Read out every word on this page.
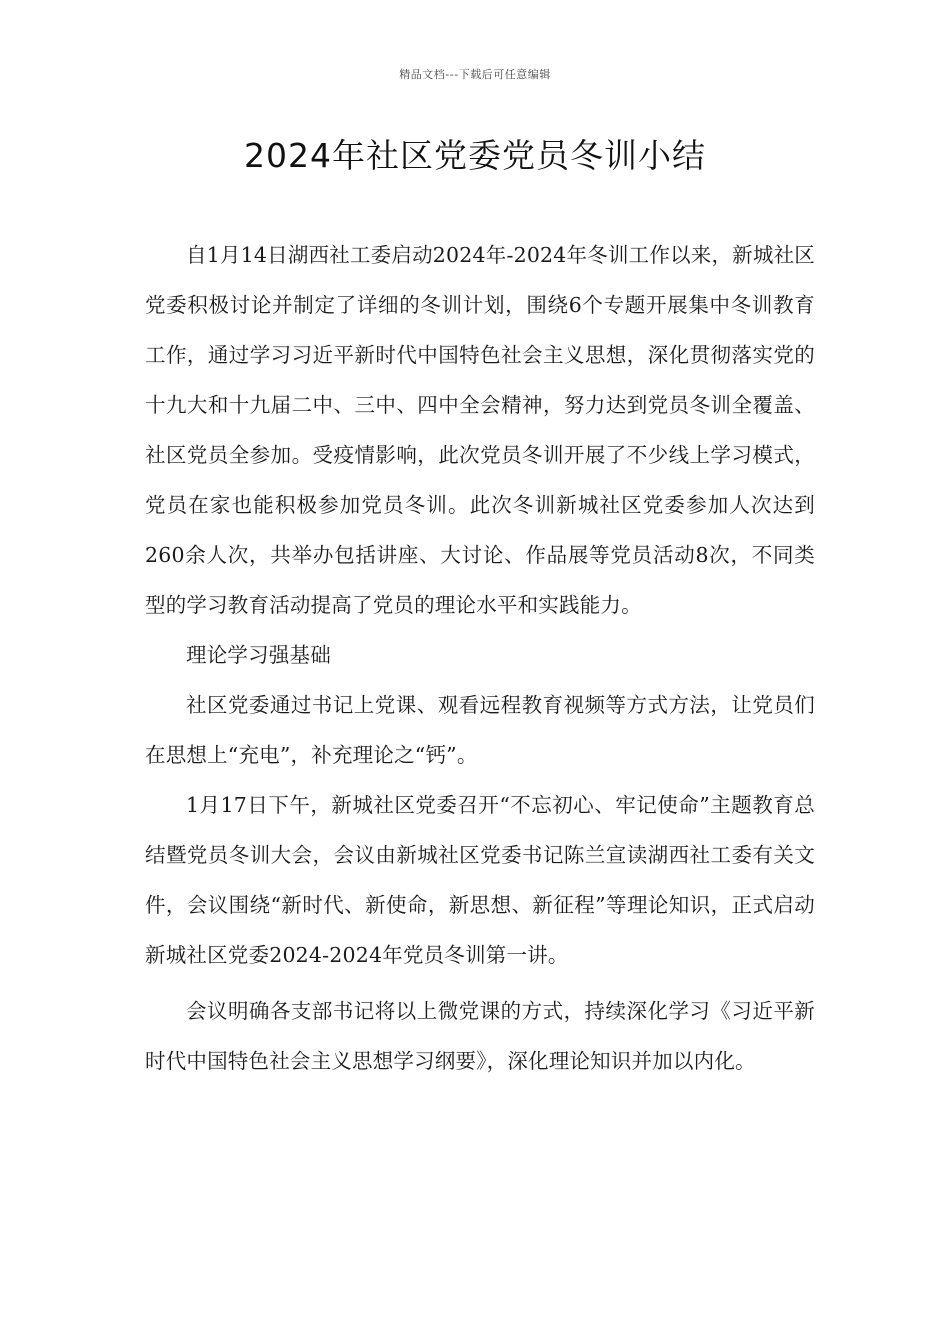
精品文档---下载后可任意编辑
2024年社区党委党员冬训小结

自1月14日湖西社工委启动2024年-2024年冬训工作以来，新城社区党委积极讨论并制定了详细的冬训计划，围绕6个专题开展集中冬训教育工作，通过学习习近平新时代中国特色社会主义思想，深化贯彻落实党的十九大和十九届二中、三中、四中全会精神，努力达到党员冬训全覆盖、社区党员全参加。受疫情影响，此次党员冬训开展了不少线上学习模式，党员在家也能积极参加党员冬训。此次冬训新城社区党委参加人次达到260余人次，共举办包括讲座、大讨论、作品展等党员活动8次，不同类型的学习教育活动提高了党员的理论水平和实践能力。

理论学习强基础

社区党委通过书记上党课、观看远程教育视频等方式方法，让党员们在思想上“充电”，补充理论之“钙”。

1月17日下午，新城社区党委召开“不忘初心、牢记使命”主题教育总结暨党员冬训大会，会议由新城社区党委书记陈兰宣读湖西社工委有关文件，会议围绕“新时代、新使命，新思想、新征程”等理论知识，正式启动新城社区党委2024-2024年党员冬训第一讲。

会议明确各支部书记将以上微党课的方式，持续深化学习《习近平新时代中国特色社会主义思想学习纲要》，深化理论知识并加以内化。
